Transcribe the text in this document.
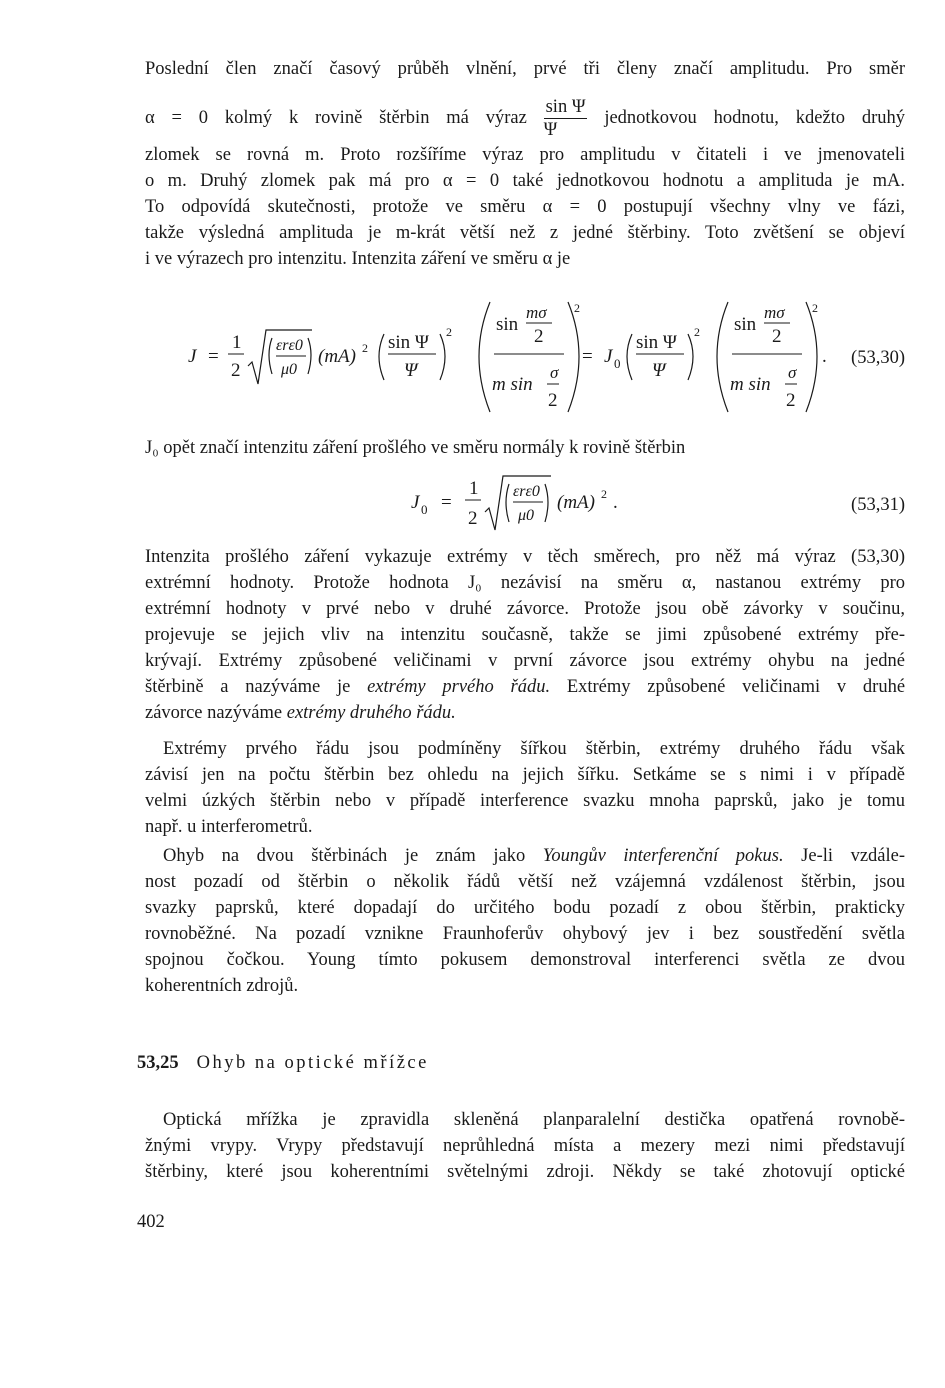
Poslední člen značí časový průběh vlnění, prvé tři členy značí amplitudu. Pro směr
α = 0 kolmý k rovině štěrbin má výraz $\frac{\text{sin Ψ}}{\Psi}$ jednotkovou hodnotu, kdežto druhý
zlomek se rovná m. Proto rozšíříme výraz pro amplitudu v čitateli i ve jmenovateli
o m. Druhý zlomek pak má pro α = 0 také jednotkovou hodnotu a amplituda je mA.
To odpovídá skutečnosti, protože ve směru α = 0 postupují všechny vlny ve fázi,
takže výsledná amplituda je m-krát větší než z jedné štěrbiny. Toto zvětšení se objeví
i ve výrazech pro intenzitu. Intenzita záření ve směru α je
J =
1
2
εrε0
μ0
(mA) 2 sin Ψ
Ψ
2 sin
mσ
2
m sin
σ
2
2
= J 0
sin Ψ
Ψ
2 sin
mσ
2
m sin
σ
2
2
. (53,30)
J₀ opět značí intenzitu záření prošlého ve směru normály k rovině štěrbin
J 0 =
1
2
εrε0
μ0
(mA) 2 .	(53,31)
Intenzita prošlého záření vykazuje extrémy v těch směrech, pro něž má výraz (53,30)
extrémní hodnoty. Protože hodnota J₀ nezávisí na směru α, nastanou extrémy pro
extrémní hodnoty v prvé nebo v druhé závorce. Protože jsou obě závorky v součinu,
projevuje se jejich vliv na intenzitu současně, takže se jimi způsobené extrémy pře-
krývají. Extrémy způsobené veličinami v první závorce jsou extrémy ohybu na jedné
štěrbině a nazýváme je extrémy prvého řádu. Extrémy způsobené veličinami v druhé
závorce nazýváme extrémy druhého řádu.
Extrémy prvého řádu jsou podmíněny šířkou štěrbin, extrémy druhého řádu však
závisí jen na počtu štěrbin bez ohledu na jejich šířku. Setkáme se s nimi i v případě
velmi úzkých štěrbin nebo v případě interference svazku mnoha paprsků, jako je tomu
např. u interferometrů.
Ohyb na dvou štěrbinách je znám jako Youngův interferenční pokus. Je-li vzdále-
nost pozadí od štěrbin o několik řádů větší než vzájemná vzdálenost štěrbin, jsou
svazky paprsků, které dopadají do určitého bodu pozadí z obou štěrbin, prakticky
rovnoběžné. Na pozadí vznikne Fraunhoferův ohybový jev i bez soustředění světla
spojnou čočkou. Young tímto pokusem demonstroval interferenci světla ze dvou
koherentních zdrojů.
53,25 Ohyb na optické mřížce
Optická mřížka je zpravidla skleněná planparalelní destička opatřená rovnobě-
žnými vrypy. Vrypy představují neprůhledná místa a mezery mezi nimi představují
štěrbiny, které jsou koherentními světelnými zdroji. Někdy se také zhotovují optické
402
